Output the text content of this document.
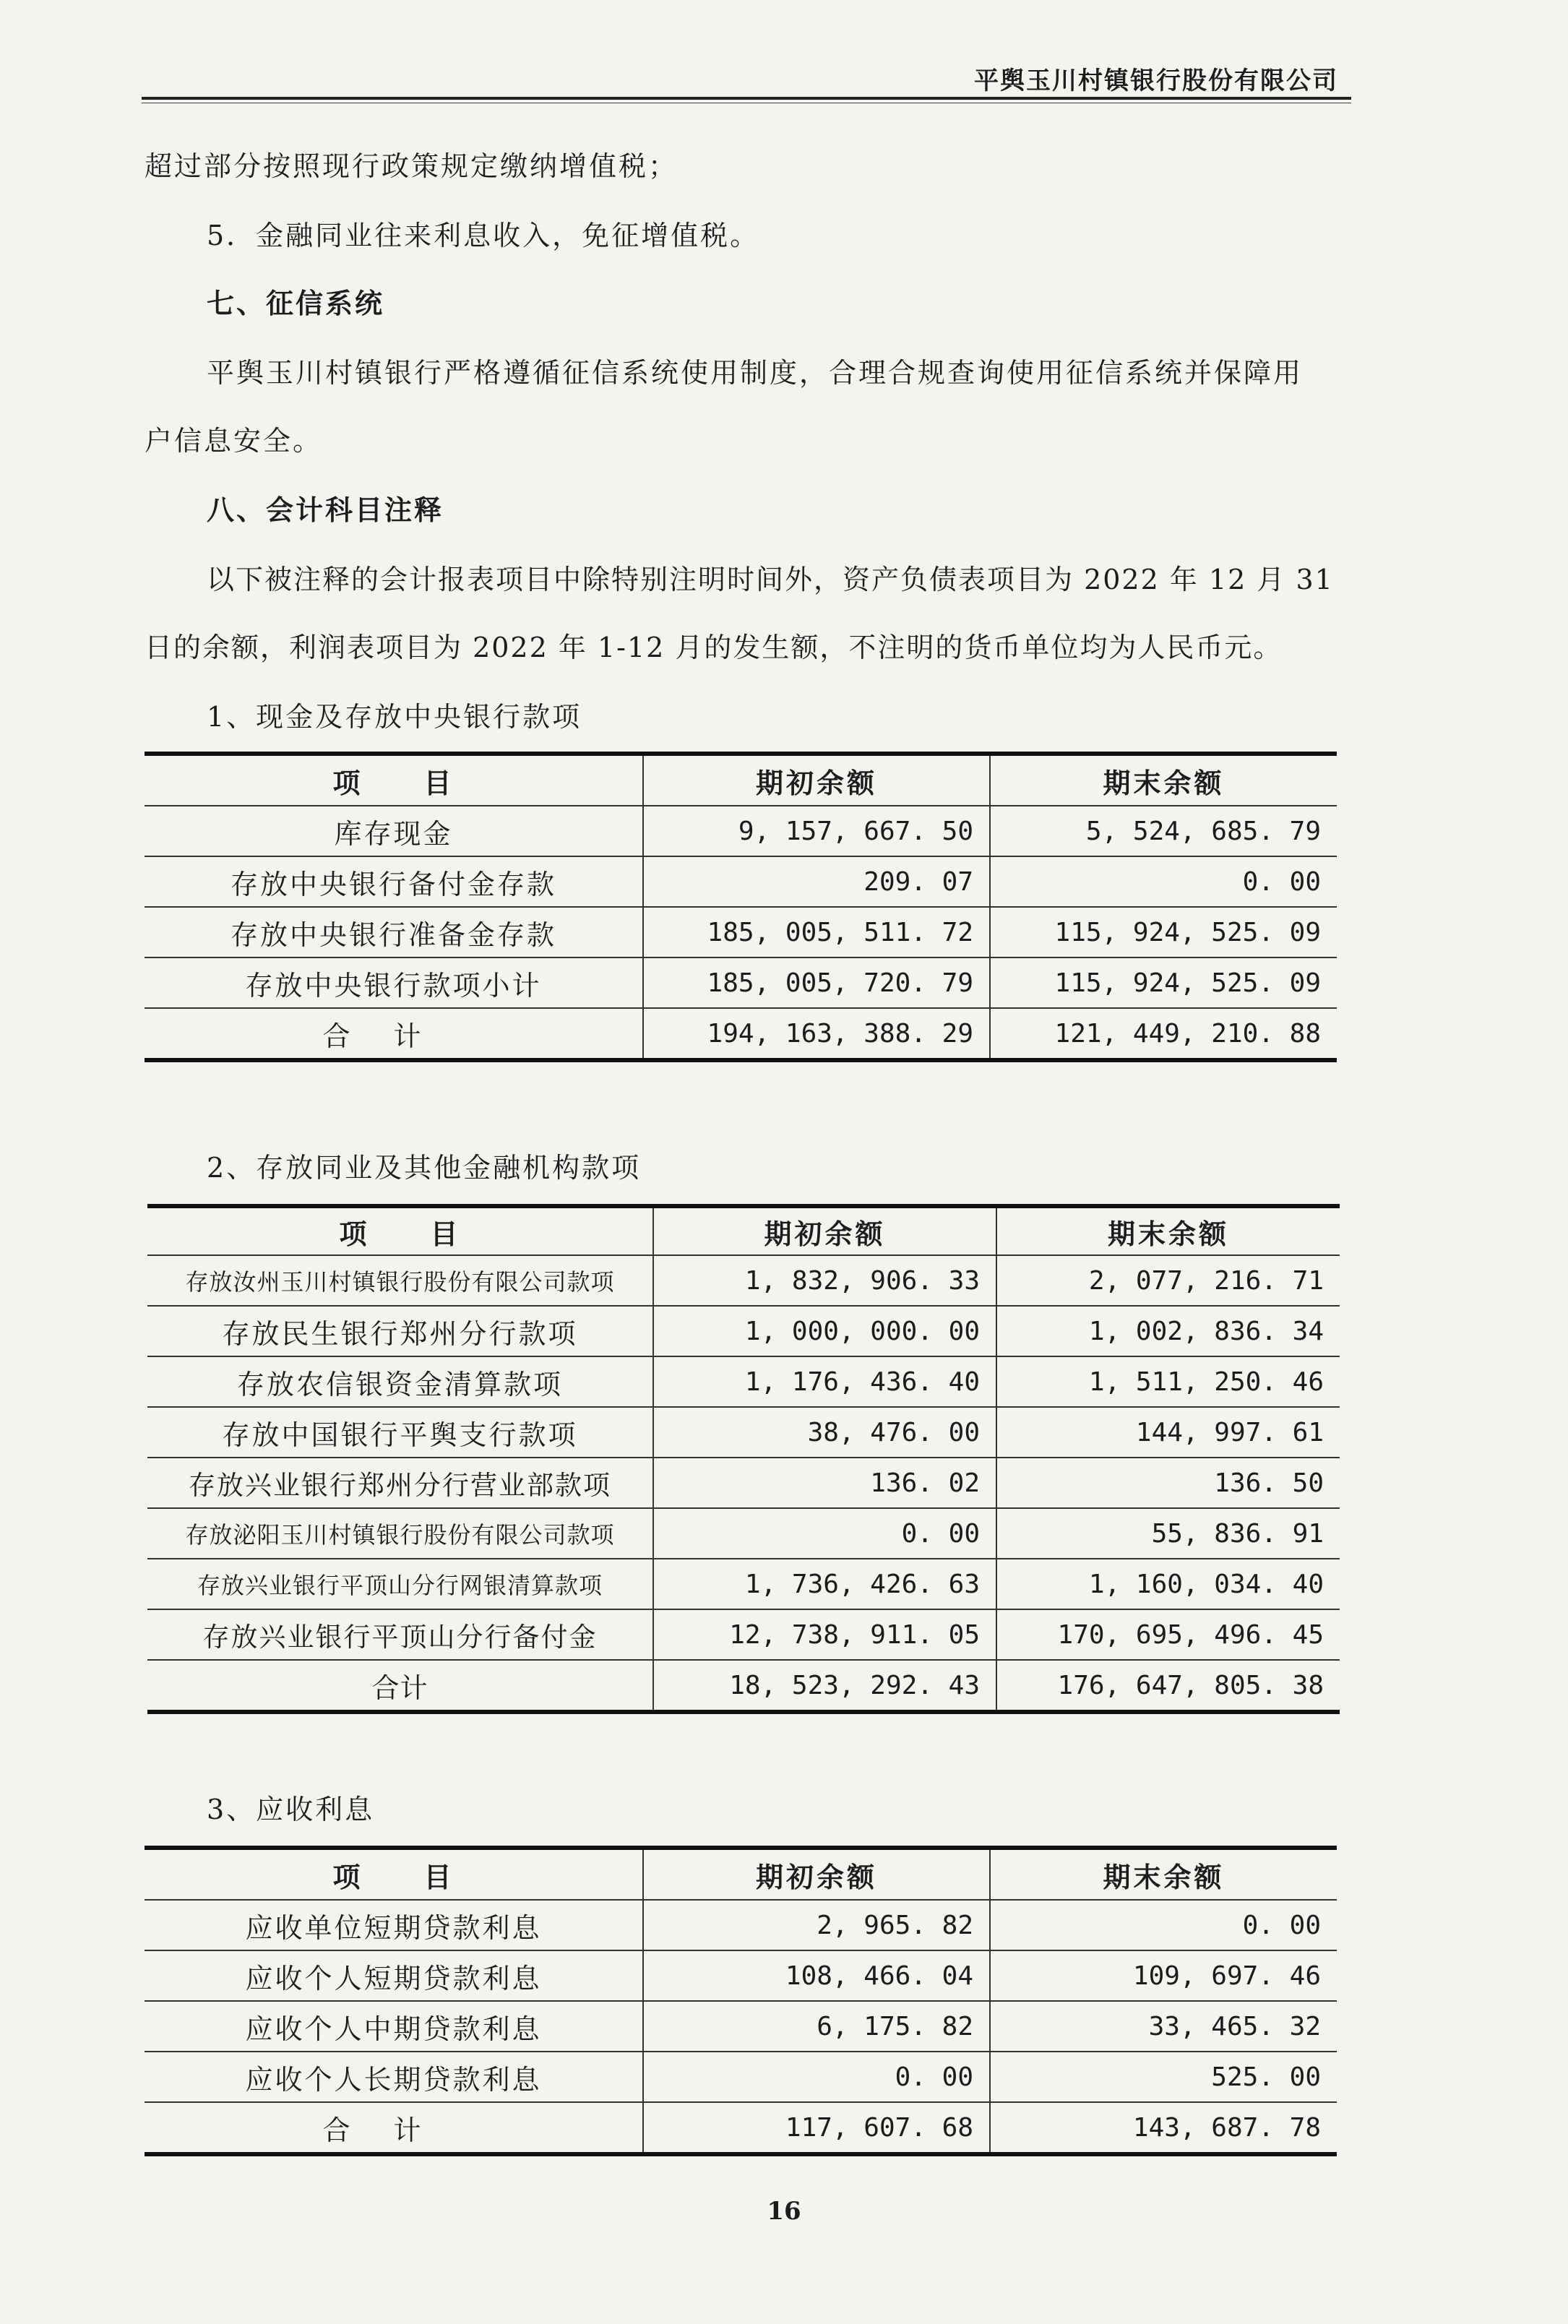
平舆玉川村镇银行股份有限公司
超过部分按照现行政策规定缴纳增值税；
5．金融同业往来利息收入，免征增值税。
七、征信系统
平舆玉川村镇银行严格遵循征信系统使用制度，合理合规查询使用征信系统并保障用
户信息安全。
八、会计科目注释
以下被注释的会计报表项目中除特别注明时间外，资产负债表项目为 2022 年 12 月 31
日的余额，利润表项目为 2022 年 1-12 月的发生额，不注明的货币单位均为人民币元。
1、现金及存放中央银行款项
项　　目	期初余额	期末余额
库存现金	9, 157, 667. 50	5, 524, 685. 79
存放中央银行备付金存款	209. 07	0. 00
存放中央银行准备金存款	185, 005, 511. 72	115, 924, 525. 09
存放中央银行款项小计	185, 005, 720. 79	115, 924, 525. 09
合计	194, 163, 388. 29	121, 449, 210. 88
2、存放同业及其他金融机构款项
项　　目	期初余额	期末余额
存放汝州玉川村镇银行股份有限公司款项	1, 832, 906. 33	2, 077, 216. 71
存放民生银行郑州分行款项	1, 000, 000. 00	1, 002, 836. 34
存放农信银资金清算款项	1, 176, 436. 40	1, 511, 250. 46
存放中国银行平舆支行款项	38, 476. 00	144, 997. 61
存放兴业银行郑州分行营业部款项	136. 02	136. 50
存放泌阳玉川村镇银行股份有限公司款项	0. 00	55, 836. 91
存放兴业银行平顶山分行网银清算款项	1, 736, 426. 63	1, 160, 034. 40
存放兴业银行平顶山分行备付金	12, 738, 911. 05	170, 695, 496. 45
合计	18, 523, 292. 43	176, 647, 805. 38
3、应收利息
项　　目	期初余额	期末余额
应收单位短期贷款利息	2, 965. 82	0. 00
应收个人短期贷款利息	108, 466. 04	109, 697. 46
应收个人中期贷款利息	6, 175. 82	33, 465. 32
应收个人长期贷款利息	0. 00	525. 00
合计	117, 607. 68	143, 687. 78
16
